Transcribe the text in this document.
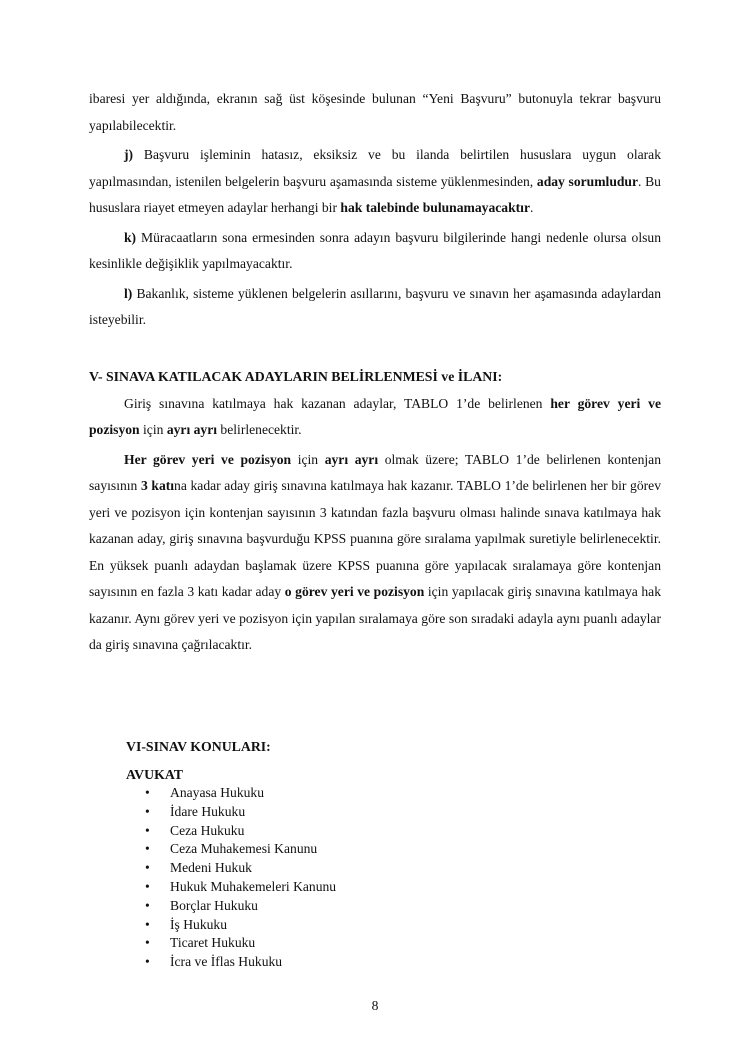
ibaresi yer aldığında, ekranın sağ üst köşesinde bulunan “Yeni Başvuru” butonuyla tekrar başvuru yapılabilecektir.

j) Başvuru işleminin hatasız, eksiksiz ve bu ilanda belirtilen hususlara uygun olarak yapılmasından, istenilen belgelerin başvuru aşamasında sisteme yüklenmesinden, aday sorumludur. Bu hususlara riayet etmeyen adaylar herhangi bir hak talebinde bulunamayacaktır.

k) Müracaatların sona ermesinden sonra adayın başvuru bilgilerinde hangi nedenle olursa olsun kesinlikle değişiklik yapılmayacaktır.

l) Bakanlık, sisteme yüklenen belgelerin asıllarını, başvuru ve sınavın her aşamasında adaylardan isteyebilir.

V- SINAVA KATILACAK ADAYLARIN BELİRLENMESİ ve İLANI:

Giriş sınavına katılmaya hak kazanan adaylar, TABLO 1’de belirlenen her görev yeri ve pozisyon için ayrı ayrı belirlenecektir.

Her görev yeri ve pozisyon için ayrı ayrı olmak üzere; TABLO 1’de belirlenen kontenjan sayısının 3 katına kadar aday giriş sınavına katılmaya hak kazanır. TABLO 1’de belirlenen her bir görev yeri ve pozisyon için kontenjan sayısının 3 katından fazla başvuru olması halinde sınava katılmaya hak kazanan aday, giriş sınavına başvurduğu KPSS puanına göre sıralama yapılmak suretiyle belirlenecektir. En yüksek puanlı adaydan başlamak üzere KPSS puanına göre yapılacak sıralamaya göre kontenjan sayısının en fazla 3 katı kadar aday o görev yeri ve pozisyon için yapılacak giriş sınavına katılmaya hak kazanır. Aynı görev yeri ve pozisyon için yapılan sıralamaya göre son sıradaki adayla aynı puanlı adaylar da giriş sınavına çağrılacaktır.

VI-SINAV KONULARI:
AVUKAT
• Anayasa Hukuku
• İdare Hukuku
• Ceza Hukuku
• Ceza Muhakemesi Kanunu
• Medeni Hukuk
• Hukuk Muhakemeleri Kanunu
• Borçlar Hukuku
• İş Hukuku
• Ticaret Hukuku
• İcra ve İflas Hukuku
8
